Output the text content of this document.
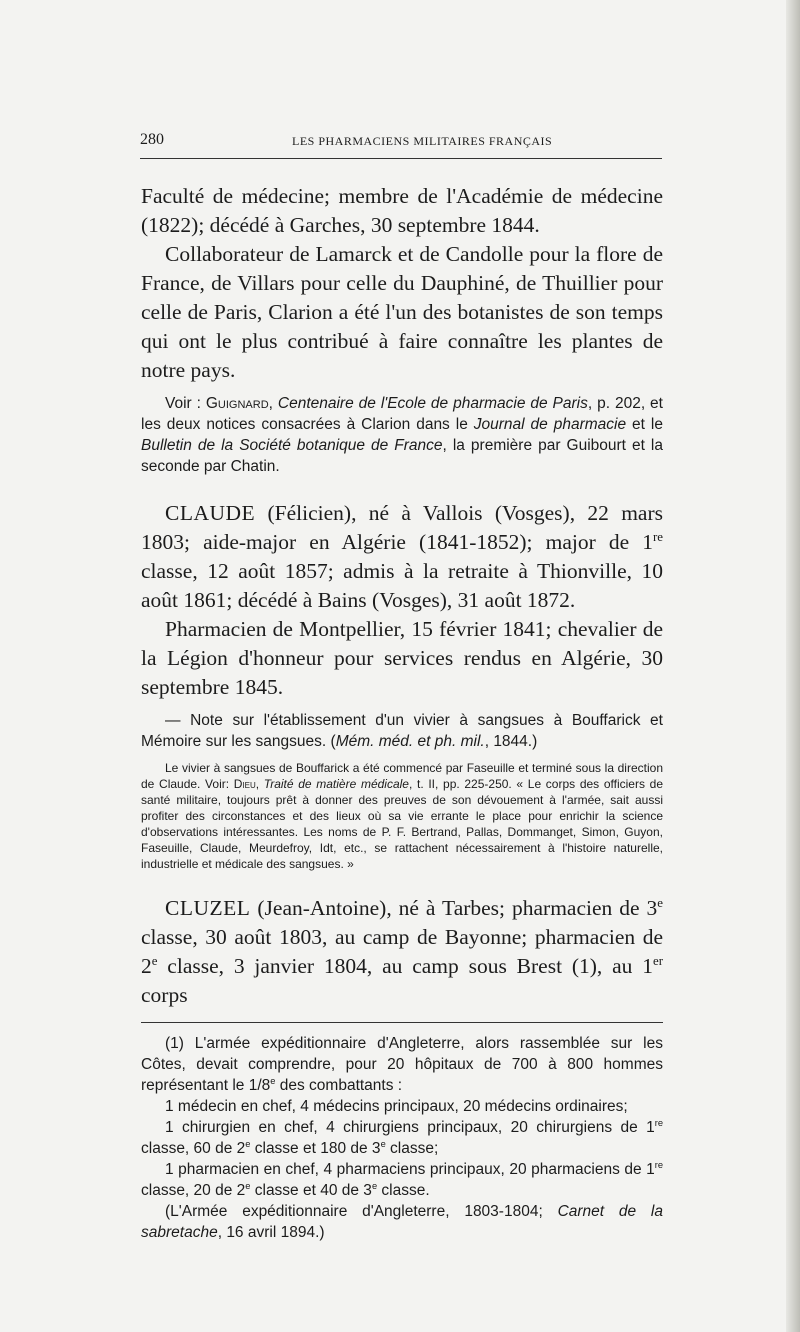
280	LES PHARMACIENS MILITAIRES FRANÇAIS

Faculté de médecine; membre de l'Académie de médecine (1822); décédé à Garches, 30 septembre 1844.

Collaborateur de Lamarck et de Candolle pour la flore de France, de Villars pour celle du Dauphiné, de Thuillier pour celle de Paris, Clarion a été l'un des botanistes de son temps qui ont le plus contribué à faire connaître les plantes de notre pays.

Voir : Guignard, Centenaire de l'Ecole de pharmacie de Paris, p. 202, et les deux notices consacrées à Clarion dans le Journal de pharmacie et le Bulletin de la Société botanique de France, la première par Guibourt et la seconde par Chatin.

CLAUDE (Félicien), né à Vallois (Vosges), 22 mars 1803; aide-major en Algérie (1841-1852); major de 1re classe, 12 août 1857; admis à la retraite à Thionville, 10 août 1861; décédé à Bains (Vosges), 31 août 1872.

Pharmacien de Montpellier, 15 février 1841; chevalier de la Légion d'honneur pour services rendus en Algérie, 30 septembre 1845.

— Note sur l'établissement d'un vivier à sangsues à Bouffarick et Mémoire sur les sangsues. (Mém. méd. et ph. mil., 1844.)

Le vivier à sangsues de Bouffarick a été commencé par Faseuille et terminé sous la direction de Claude. Voir: Dieu, Traité de matière médicale, t. II, pp. 225-250. « Le corps des officiers de santé militaire, toujours prêt à donner des preuves de son dévouement à l'armée, sait aussi profiter des circonstances et des lieux où sa vie errante le place pour enrichir la science d'observations intéressantes. Les noms de P. F. Bertrand, Pallas, Dommanget, Simon, Guyon, Faseuille, Claude, Meurdefroy, Idt, etc., se rattachent nécessairement à l'histoire naturelle, industrielle et médicale des sangsues. »

CLUZEL (Jean-Antoine), né à Tarbes; pharmacien de 3e classe, 30 août 1803, au camp de Bayonne; pharmacien de 2e classe, 3 janvier 1804, au camp sous Brest (1), au 1er corps

(1) L'armée expéditionnaire d'Angleterre, alors rassemblée sur les Côtes, devait comprendre, pour 20 hôpitaux de 700 à 800 hommes représentant le 1/8e des combattants :

1 médecin en chef, 4 médecins principaux, 20 médecins ordinaires;

1 chirurgien en chef, 4 chirurgiens principaux, 20 chirurgiens de 1re classe, 60 de 2e classe et 180 de 3e classe;

1 pharmacien en chef, 4 pharmaciens principaux, 20 pharmaciens de 1re classe, 20 de 2e classe et 40 de 3e classe.

(L'Armée expéditionnaire d'Angleterre, 1803-1804; Carnet de la sabretache, 16 avril 1894.)
